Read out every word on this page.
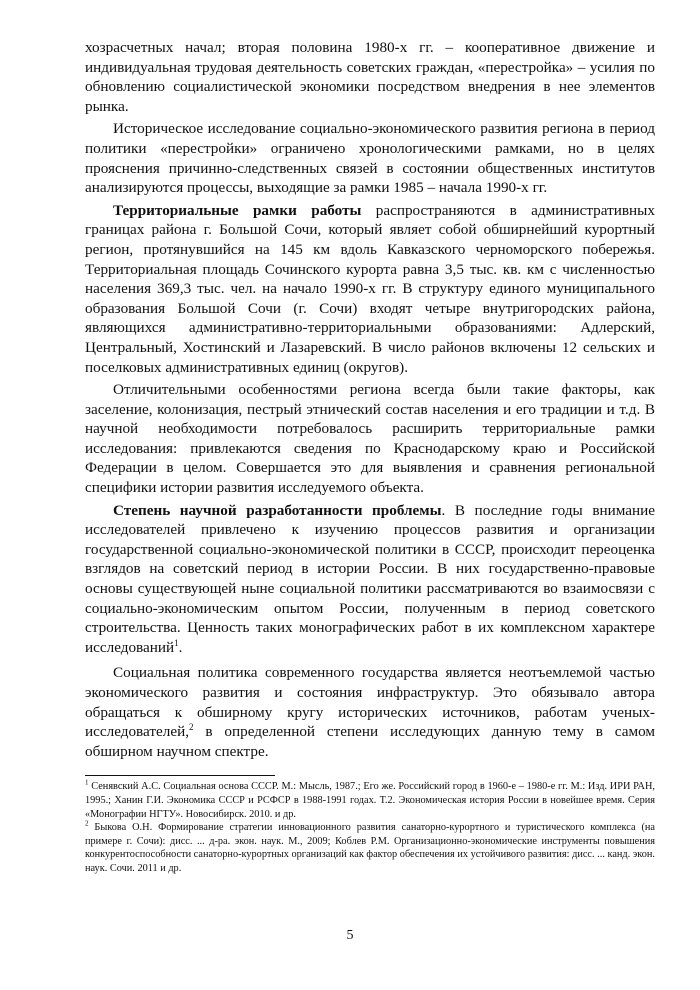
хозрасчетных начал; вторая половина 1980-х гг. – кооперативное движение и индивидуальная трудовая деятельность советских граждан, «перестройка» – усилия по обновлению социалистической экономики посредством внедрения в нее элементов рынка.

Историческое исследование социально-экономического развития региона в период политики «перестройки» ограничено хронологическими рамками, но в целях прояснения причинно-следственных связей в состоянии общественных институтов анализируются процессы, выходящие за рамки 1985 – начала 1990-х гг.

Территориальные рамки работы распространяются в административных границах района г. Большой Сочи, который являет собой обширнейший курортный регион, протянувшийся на 145 км вдоль Кавказского черноморского побережья. Территориальная площадь Сочинского курорта равна 3,5 тыс. кв. км с численностью населения 369,3 тыс. чел. на начало 1990-х гг. В структуру единого муниципального образования Большой Сочи (г. Сочи) входят четыре внутригородских района, являющихся административно-территориальными образованиями: Адлерский, Центральный, Хостинский и Лазаревский. В число районов включены 12 сельских и поселковых административных единиц (округов).

Отличительными особенностями региона всегда были такие факторы, как заселение, колонизация, пестрый этнический состав населения и его традиции и т.д. В научной необходимости потребовалось расширить территориальные рамки исследования: привлекаются сведения по Краснодарскому краю и Российской Федерации в целом. Совершается это для выявления и сравнения региональной специфики истории развития исследуемого объекта.

Степень научной разработанности проблемы. В последние годы внимание исследователей привлечено к изучению процессов развития и организации государственной социально-экономической политики в СССР, происходит переоценка взглядов на советский период в истории России. В них государственно-правовые основы существующей ныне социальной политики рассматриваются во взаимосвязи с социально-экономическим опытом России, полученным в период советского строительства. Ценность таких монографических работ в их комплексном характере исследований$^1$.

Социальная политика современного государства является неотъемлемой частью экономического развития и состояния инфраструктур. Это обязывало автора обращаться к обширному кругу исторических источников, работам ученых-исследователей,$^2$ в определенной степени исследующих данную тему в самом обширном научном спектре.

$^1$ Сенявский А.С. Социальная основа СССР. М.: Мысль, 1987.; Его же. Российский город в 1960-е – 1980-е гг. М.: Изд. ИРИ РАН, 1995.; Ханин Г.И. Экономика СССР и РСФСР в 1988-1991 годах. Т.2. Экономическая история России в новейшее время. Серия «Монографии НГТУ». Новосибирск. 2010. и др.

$^2$ Быкова О.Н. Формирование стратегии инновационного развития санаторно-курортного и туристического комплекса (на примере г. Сочи): дисс. ... д-ра. экон. наук. М., 2009; Коблев Р.М. Организационно-экономические инструменты повышения конкурентоспособности санаторно-курортных организаций как фактор обеспечения их устойчивого развития: дисс. ... канд. экон. наук. Сочи. 2011 и др.

5
